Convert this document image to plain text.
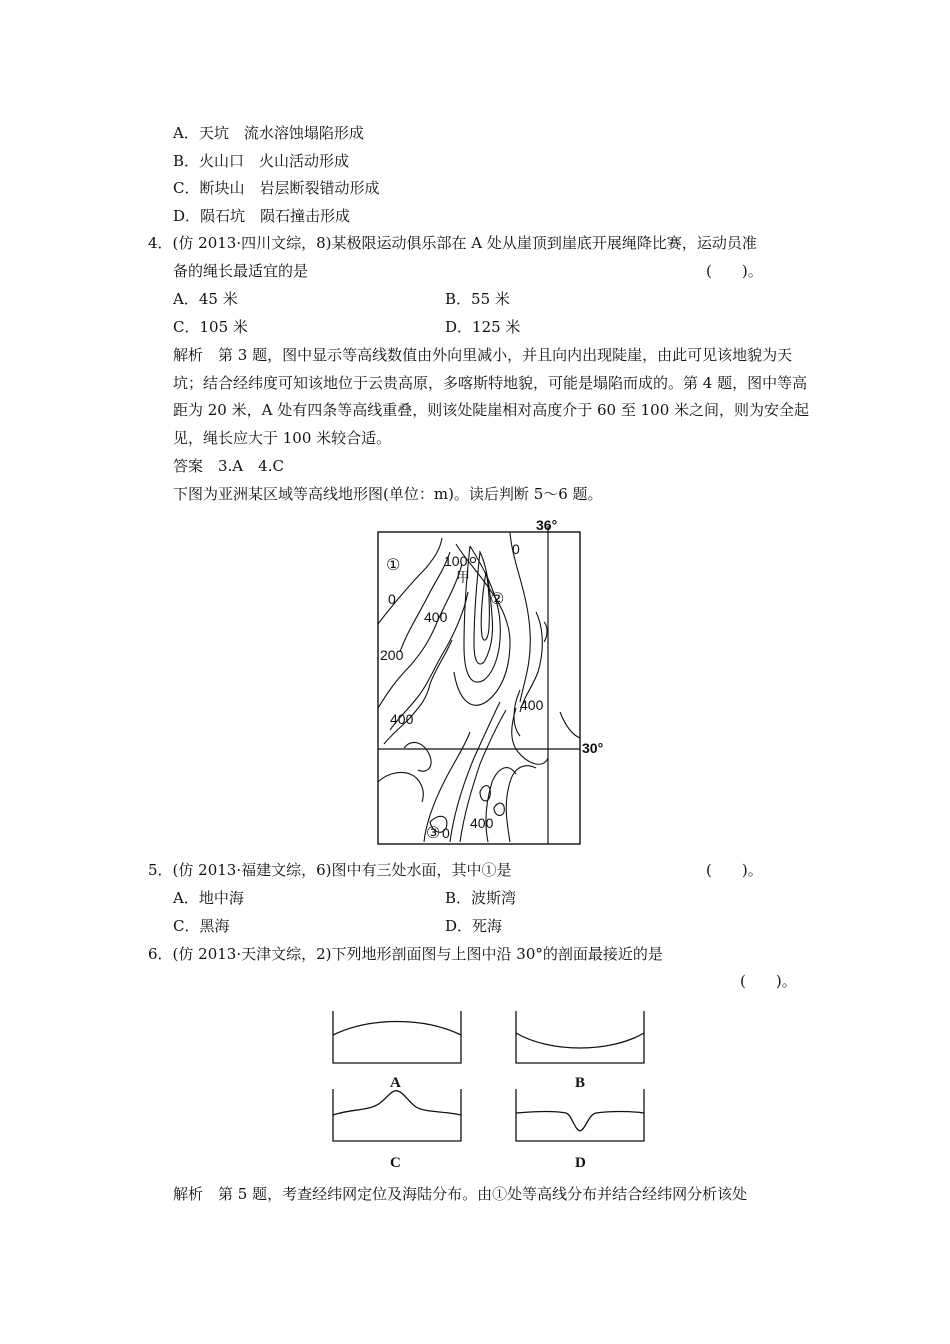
A．天坑　流水溶蚀塌陷形成
B．火山口　火山活动形成
C．断块山　岩层断裂错动形成
D．陨石坑　陨石撞击形成
4．(仿 2013·四川文综，8)某极限运动俱乐部在 A 处从崖顶到崖底开展绳降比赛，运动员准
备的绳长最适宜的是	(　　)。
A．45 米	B．55 米
C．105 米	D．125 米
解析　第 3 题，图中显示等高线数值由外向里减小，并且向内出现陡崖，由此可见该地貌为天坑；结合经纬度可知该地位于云贵高原，多喀斯特地貌，可能是塌陷而成的。第 4 题，图中等高距为 20 米，A 处有四条等高线重叠，则该处陡崖相对高度介于 60 至 100 米之间，则为安全起见，绳长应大于 100 米较合适。
答案　3.A　4.C
下图为亚洲某区域等高线地形图(单位：m)。读后判断 5～6 题。
①
②
③
100
甲
0
0
200
400
400
400
400
0
36°
30°
5．(仿 2013·福建文综，6)图中有三处水面，其中①是	(　　)。
A．地中海	B．波斯湾
C．黑海	D．死海
6．(仿 2013·天津文综，2)下列地形剖面图与上图中沿 30°的剖面最接近的是
(　　)。
A	B
C	D
解析　第 5 题，考查经纬网定位及海陆分布。由①处等高线分布并结合经纬网分析该处
